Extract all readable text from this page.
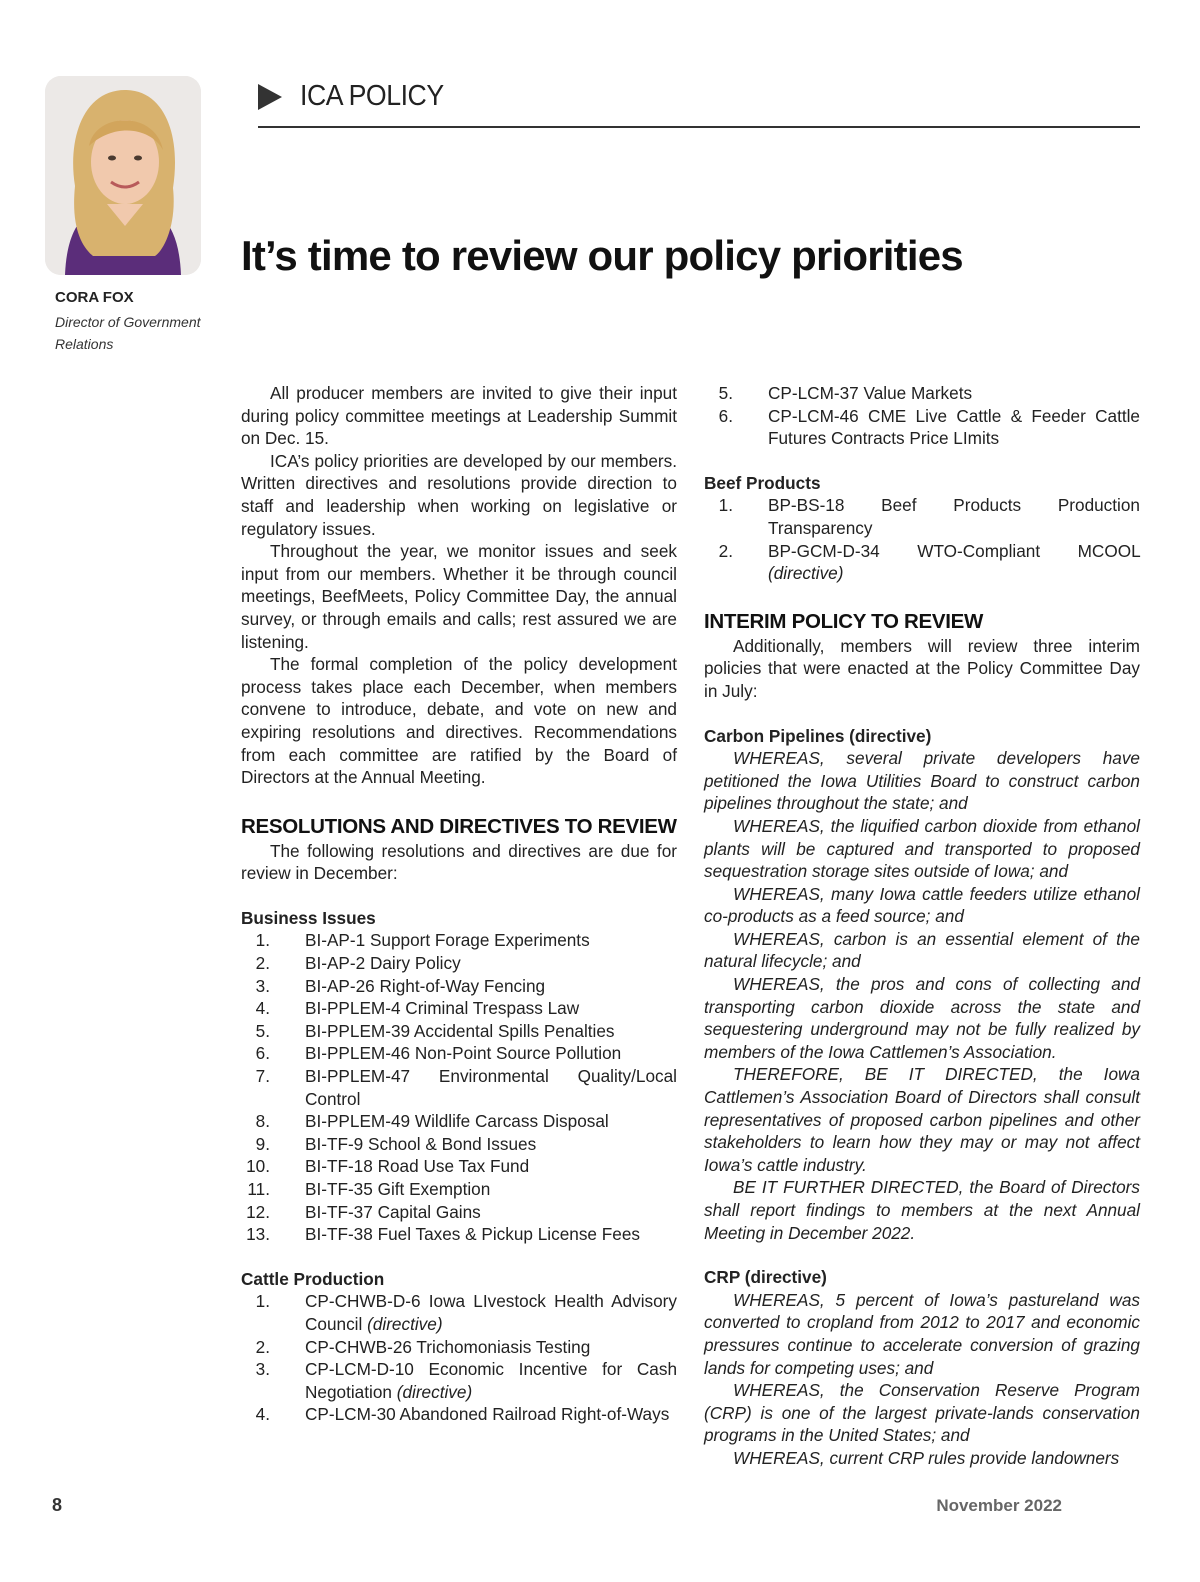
CORA FOX
Director of Government Relations
ICA POLICY
It’s time to review our policy priorities

All producer members are invited to give their input during policy committee meetings at Leadership Summit on Dec. 15.

ICA’s policy priorities are developed by our members. Written directives and resolutions provide direction to staff and leadership when working on legislative or regulatory issues.

Throughout the year, we monitor issues and seek input from our members. Whether it be through council meetings, BeefMeets, Policy Committee Day, the annual survey, or through emails and calls; rest assured we are listening.

The formal completion of the policy development process takes place each December, when members convene to introduce, debate, and vote on new and expiring resolutions and directives. Recommendations from each committee are ratified by the Board of Directors at the Annual Meeting.

RESOLUTIONS AND DIRECTIVES TO REVIEW

The following resolutions and directives are due for review in December:

Business Issues
1. BI-AP-1 Support Forage Experiments
2. BI-AP-2 Dairy Policy
3. BI-AP-26 Right-of-Way Fencing
4. BI-PPLEM-4 Criminal Trespass Law
5. BI-PPLEM-39 Accidental Spills Penalties
6. BI-PPLEM-46 Non-Point Source Pollution
7. BI-PPLEM-47 Environmental Quality/Local Control
8. BI-PPLEM-49 Wildlife Carcass Disposal
9. BI-TF-9 School & Bond Issues
10. BI-TF-18 Road Use Tax Fund
11. BI-TF-35 Gift Exemption
12. BI-TF-37 Capital Gains
13. BI-TF-38 Fuel Taxes & Pickup License Fees
Cattle Production
1. CP-CHWB-D-6 Iowa LIvestock Health Advisory Council (directive)
2. CP-CHWB-26 Trichomoniasis Testing
3. CP-LCM-D-10 Economic Incentive for Cash Negotiation (directive)
4. CP-LCM-30 Abandoned Railroad Right-of-Ways
5. CP-LCM-37 Value Markets
6. CP-LCM-46 CME Live Cattle & Feeder Cattle Futures Contracts Price LImits
Beef Products
1. BP-BS-18 Beef Products Production Transparency
2. BP-GCM-D-34 WTO-Compliant MCOOL (directive)
INTERIM POLICY TO REVIEW

Additionally, members will review three interim policies that were enacted at the Policy Committee Day in July:

Carbon Pipelines (directive)

WHEREAS, several private developers have petitioned the Iowa Utilities Board to construct carbon pipelines throughout the state; and

WHEREAS, the liquified carbon dioxide from ethanol plants will be captured and transported to proposed sequestration storage sites outside of Iowa; and

WHEREAS, many Iowa cattle feeders utilize ethanol co-products as a feed source; and

WHEREAS, carbon is an essential element of the natural lifecycle; and

WHEREAS, the pros and cons of collecting and transporting carbon dioxide across the state and sequestering underground may not be fully realized by members of the Iowa Cattlemen’s Association.

THEREFORE, BE IT DIRECTED, the Iowa Cattlemen’s Association Board of Directors shall consult representatives of proposed carbon pipelines and other stakeholders to learn how they may or may not affect Iowa’s cattle industry.

BE IT FURTHER DIRECTED, the Board of Directors shall report findings to members at the next Annual Meeting in December 2022.

CRP (directive)

WHEREAS, 5 percent of Iowa’s pastureland was converted to cropland from 2012 to 2017 and economic pressures continue to accelerate conversion of grazing lands for competing uses; and

WHEREAS, the Conservation Reserve Program (CRP) is one of the largest private-lands conservation programs in the United States; and

WHEREAS, current CRP rules provide landowners

8	November 2022
